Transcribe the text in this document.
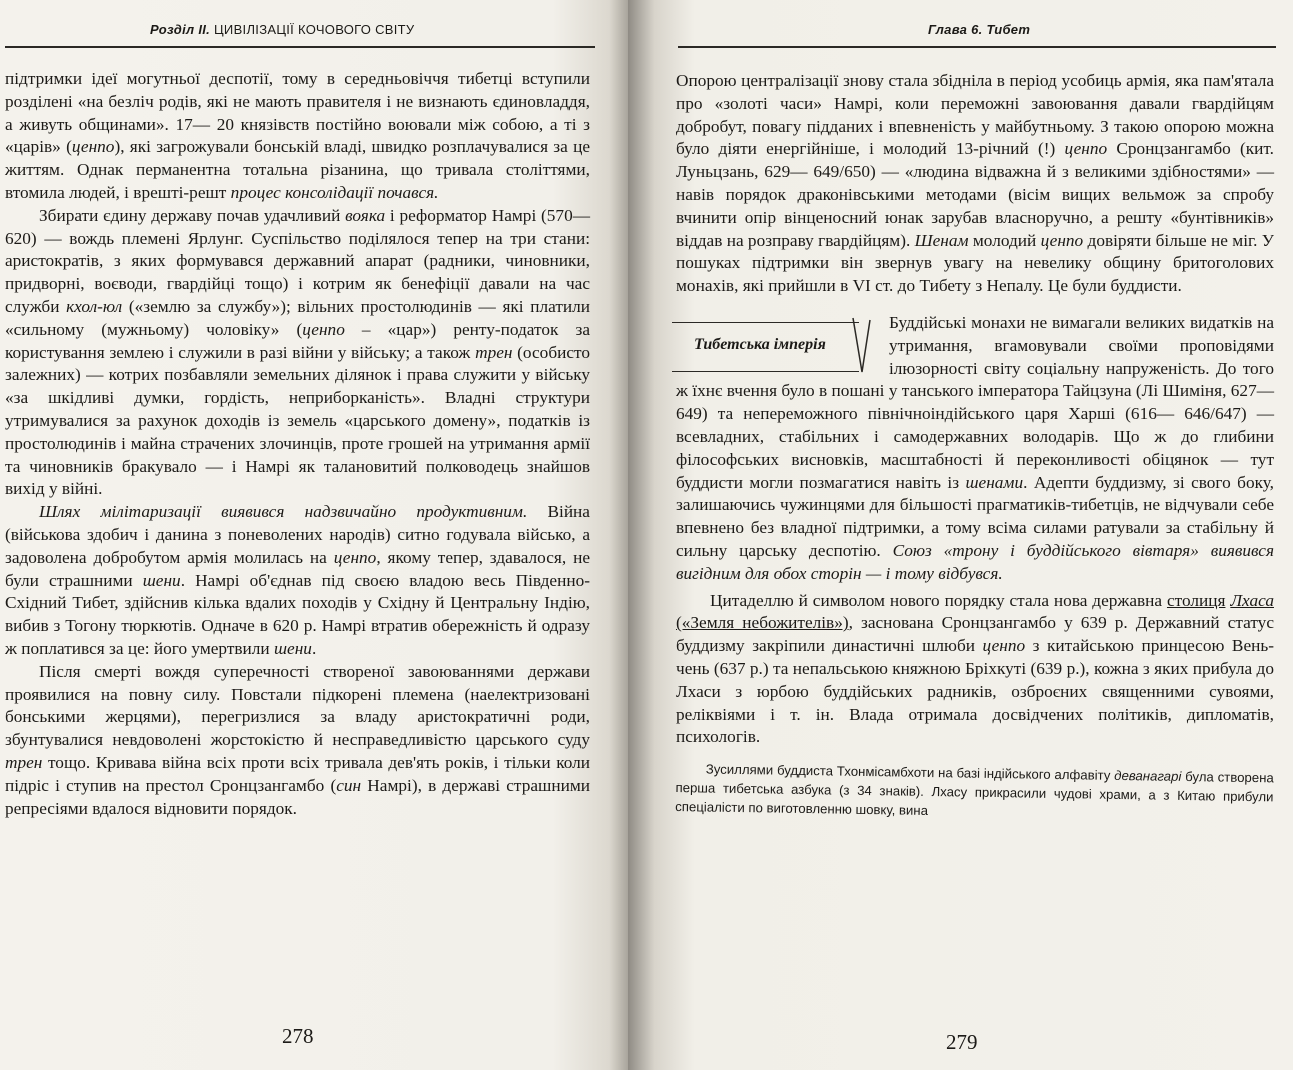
Розділ II. ЦИВІЛІЗАЦІЇ КОЧОВОГО СВІТУ

підтримки ідеї могутньої деспотії, тому в середньовіччя тибетці вступили розділені «на безліч родів, які не мають правителя і не визнають єдиновладдя, а живуть общинами». 17— 20 князівств постійно воювали між собою, а ті з «царів» (ценпо), які загрожували бонській владі, швидко розплачувалися за це життям. Однак перманентна тотальна різанина, що тривала століттями, втомила людей, і врешті-решт процес консолідації почався.

Збирати єдину державу почав удачливий вояка і реформатор Намрі (570— 620) — вождь племені Ярлунг. Суспільство поділялося тепер на три стани: аристократів, з яких формувався державний апарат (радники, чиновники, придворні, воєводи, гвардійці тощо) і котрим як бенефіції давали на час служби кхол-юл («землю за службу»); вільних простолюдинів — які платили «сильному (мужньому) чоловіку» (ценпо – «цар») ренту-податок за користування землею і служили в разі війни у війську; а також трен (особисто залежних) — котрих позбавляли земельних ділянок і права служити у війську «за шкідливі думки, гордість, неприборканість». Владні структури утримувалися за рахунок доходів із земель «царського домену», податків із простолюдинів і майна страчених злочинців, проте грошей на утримання армії та чиновників бракувало — і Намрі як талановитий полководець знайшов вихід у війні.

Шлях мілітаризації виявився надзвичайно продуктивним. Війна (військова здобич і данина з поневолених народів) ситно годувала військо, а задоволена добробутом армія молилась на ценпо, якому тепер, здавалося, не були страшними шени. Намрі об'єднав під своєю владою весь Південно-Східний Тибет, здійснив кілька вдалих походів у Східну й Центральну Індію, вибив з Тогону тюркютів. Одначе в 620 р. Намрі втратив обережність й одразу ж поплатився за це: його умертвили шени.

Після смерті вождя суперечності створеної завоюваннями держави проявилися на повну силу. Повстали підкорені племена (наелектризовані бонськими жерцями), перегризлися за владу аристократичні роди, збунтувалися невдоволені жорстокістю й несправедливістю царського суду трен тощо. Кривава війна всіх проти всіх тривала дев'ять років, і тільки коли підріс і ступив на престол Сронцзангамбо (син Намрі), в державі страшними репресіями вдалося відновити порядок.

278
Глава 6. Тибет

Опорою централізації знову стала збідніла в період усобиць армія, яка пам'ятала про «золоті часи» Намрі, коли переможні завоювання давали гвардійцям добробут, повагу підданих і впевненість у майбутньому. З такою опорою можна було діяти енергійніше, і молодий 13-річний (!) ценпо Сронцзангамбо (кит. Луньцзань, 629— 649/650) — «людина відважна й з великими здібностями» — навів порядок драконівськими методами (вісім вищих вельмож за спробу вчинити опір вінценосний юнак зарубав власноручно, а решту «бунтівників» віддав на розправу гвардійцям). Шенам молодий ценпо довіряти більше не міг. У пошуках підтримки він звернув увагу на невелику общину бритоголових монахів, які прийшли в VI ст. до Тибету з Непалу. Це були буддисти.

Тибетська імперія
Буддійські монахи не вимагали великих видатків на утримання, вгамовували своїми проповідями ілюзорності світу соціальну напруженість. До того ж їхнє вчення було в пошані у танського імператора Тайцзуна (Лі Шиміня, 627— 649) та непереможного північноіндійського царя Харші (616— 646/647) — всевладних, стабільних і самодержавних володарів. Що ж до глибини філософських висновків, масштабності й переконливості обіцянок — тут буддисти могли позмагатися навіть із шенами. Адепти буддизму, зі свого боку, залишаючись чужинцями для більшості прагматиків-тибетців, не відчували себе впевнено без владної підтримки, а тому всіма силами ратували за стабільну й сильну царську деспотію. Союз «трону і буддійського вівтаря» виявився вигідним для обох сторін — і тому відбувся.

Цитаделлю й символом нового порядку стала нова державна столиця Лхаса («Земля небожителів»), заснована Сронцзангамбо у 639 р. Державний статус буддизму закріпили династичні шлюби ценпо з китайською принцесою Вень-чень (637 р.) та непальською княжною Бріхкуті (639 р.), кожна з яких прибула до Лхаси з юрбою буддійських радників, озброєних священними сувоями, реліквіями і т. ін. Влада отримала досвідчених політиків, дипломатів, психологів.

Зусиллями буддиста Тхонмісамбхоти на базі індійського алфавіту деванагарі була створена перша тибетська азбука (з 34 знаків). Лхасу прикрасили чудові храми, а з Китаю прибули спеціалісти по виготовленню шовку, вина
279
